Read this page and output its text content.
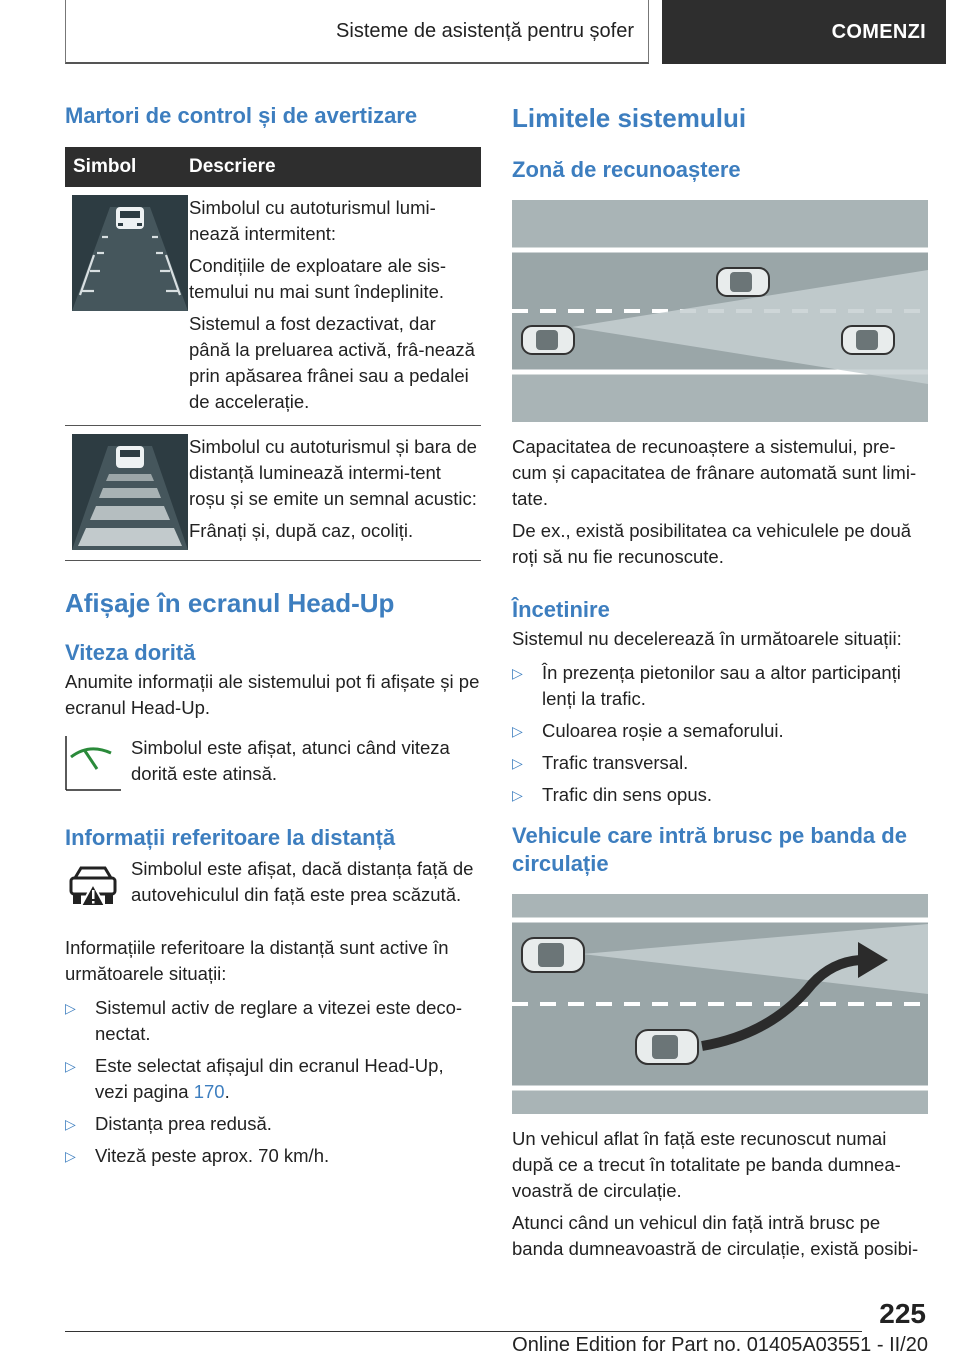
Sisteme de asistență pentru șofer	COMENZI
Martori de control și de avertizare
Simbol	Descriere

Simbolul cu autoturismul lumi-nează intermitent:

Condițiile de exploatare ale sis-temului nu mai sunt îndeplinite.

Sistemul a fost dezactivat, dar până la preluarea activă, frâ-nează prin apăsarea frânei sau a pedalei de accelerație.

Simbolul cu autoturismul și bara de distanță luminează intermi-tent roșu și se emite un semnal acustic:

Frânați și, după caz, ocoliți.

Afișaje în ecranul Head-Up
Viteza dorită

Anumite informații ale sistemului pot fi afișate și pe ecranul Head-Up.

Simbolul este afișat, atunci când viteza dorită este atinsă.

Informații referitoare la distanță

Simbolul este afișat, dacă distanța față de autovehiculul din față este prea scăzută.

Informațiile referitoare la distanță sunt active în următoarele situații:

▷ Sistemul activ de reglare a vitezei este deco-nectat.
▷ Este selectat afișajul din ecranul Head-Up, vezi pagina 170.
▷ Distanța prea redusă.
▷ Viteză peste aprox. 70 km/h.
Limitele sistemului
Zonă de recunoaștere

Capacitatea de recunoaștere a sistemului, pre-cum și capacitatea de frânare automată sunt limi-tate.

De ex., există posibilitatea ca vehiculele pe două roți să nu fie recunoscute.

Încetinire

Sistemul nu decelerează în următoarele situații:

▷ În prezența pietonilor sau a altor participanți lenți la trafic.
▷ Culoarea roșie a semaforului.
▷ Trafic transversal.
▷ Trafic din sens opus.
Vehicule care intră brusc pe banda de circulație

Un vehicul aflat în față este recunoscut numai după ce a trecut în totalitate pe banda dumnea-voastră de circulație.

Atunci când un vehicul din față intră brusc pe banda dumneavoastră de circulație, există posibi-

225
Online Edition for Part no. 01405A03551 - II/20
